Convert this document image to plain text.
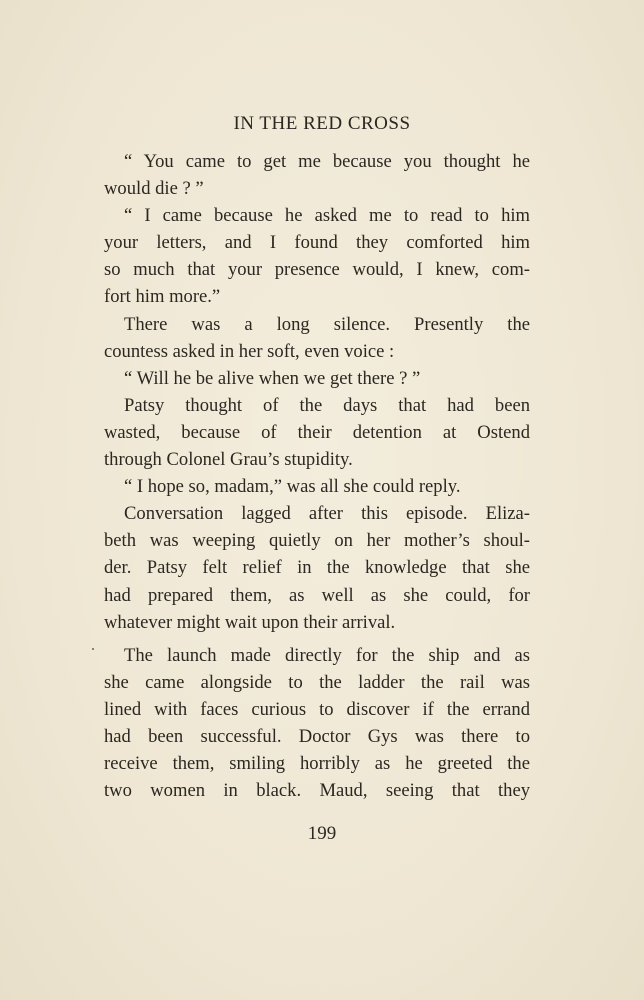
IN THE RED CROSS
“ You came to get me because you thought he
would die ? ”
“ I came because he asked me to read to him
your letters, and I found they comforted him
so much that your presence would, I knew, com-
fort him more.”
There was a long silence. Presently the
countess asked in her soft, even voice :
“ Will he be alive when we get there ? ”
Patsy thought of the days that had been
wasted, because of their detention at Ostend
through Colonel Grau’s stupidity.
“ I hope so, madam,” was all she could reply.
Conversation lagged after this episode. Eliza-
beth was weeping quietly on her mother’s shoul-
der. Patsy felt relief in the knowledge that she
had prepared them, as well as she could, for
whatever might wait upon their arrival.
The launch made directly for the ship and as
she came alongside to the ladder the rail was
lined with faces curious to discover if the errand
had been successful. Doctor Gys was there to
receive them, smiling horribly as he greeted the
two women in black. Maud, seeing that they
199
